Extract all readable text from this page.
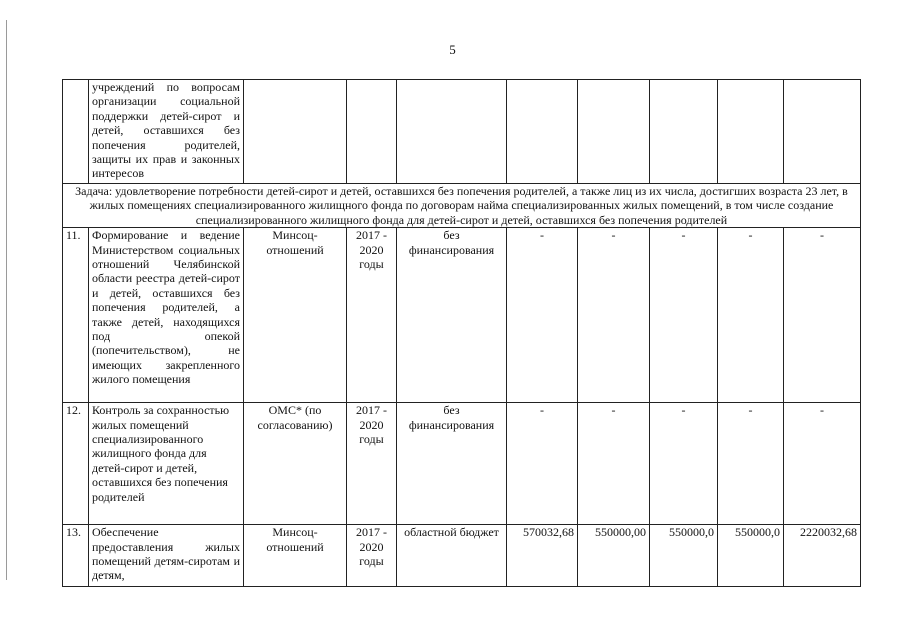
5
	учреждений по вопросам организации социальной поддержки детей-сирот и детей, оставшихся без попечения родителей, защиты их прав и законных интересов								
Задача: удовлетворение потребности детей-сирот и детей, оставшихся без попечения родителей, а также лиц из их числа, достигших возраста 23 лет, в жилых помещениях специализированного жилищного фонда по договорам найма специализированных жилых помещений, в том числе создание специализированного жилищного фонда для детей-сирот и детей, оставшихся без попечения родителей									
11.	Формирование и ведение Министерством социальных отношений Челябинской области реестра детей-сирот и детей, оставшихся без попечения родителей, а также детей, находящихся под опекой (попечительством), не имеющих закрепленного жилого помещения	Минсоц-отношений	2017 - 2020 годы	без финансирования	-	-	-	-	-
12.	Контроль за сохранностью жилых помещений специализированного жилищного фонда для детей-сирот и детей, оставшихся без попечения родителей	ОМС* (по согласованию)	2017 - 2020 годы	без финансирования	-	-	-	-	-
13.	Обеспечение предоставления жилых помещений детям-сиротам и детям,	Минсоц-отношений	2017 - 2020 годы	областной бюджет	570032,68	550000,00	550000,0	550000,0	2220032,68
